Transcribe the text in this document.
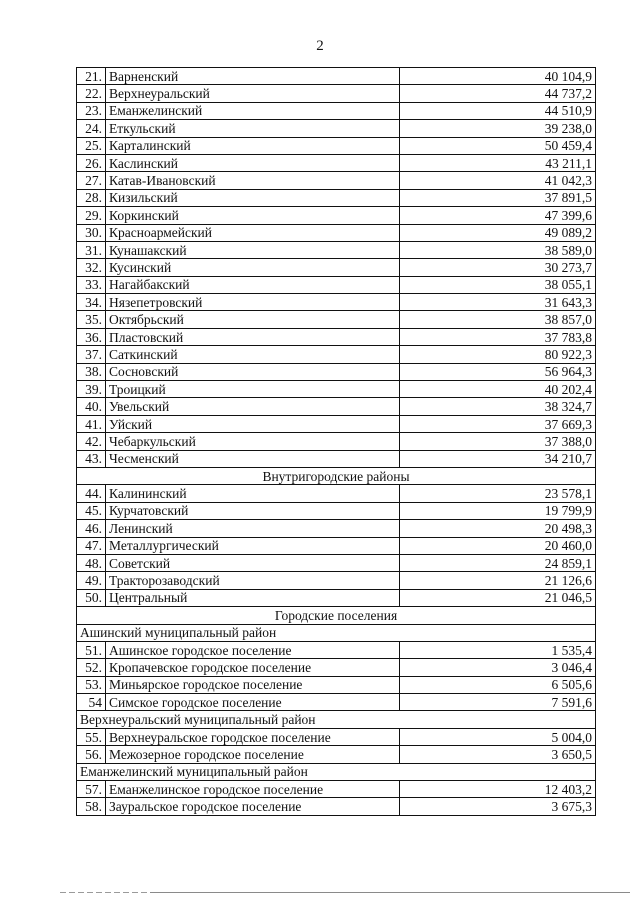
2
21.	Варненский	40 104,9
22.	Верхнеуральский	44 737,2
23.	Еманжелинский	44 510,9
24.	Еткульский	39 238,0
25.	Карталинский	50 459,4
26.	Каслинский	43 211,1
27.	Катав-Ивановский	41 042,3
28.	Кизильский	37 891,5
29.	Коркинский	47 399,6
30.	Красноармейский	49 089,2
31.	Кунашакский	38 589,0
32.	Кусинский	30 273,7
33.	Нагайбакский	38 055,1
34.	Нязепетровский	31 643,3
35.	Октябрьский	38 857,0
36.	Пластовский	37 783,8
37.	Саткинский	80 922,3
38.	Сосновский	56 964,3
39.	Троицкий	40 202,4
40.	Увельский	38 324,7
41.	Уйский	37 669,3
42.	Чебаркульский	37 388,0
43.	Чесменский	34 210,7
Внутригородские районы		
44.	Калининский	23 578,1
45.	Курчатовский	19 799,9
46.	Ленинский	20 498,3
47.	Металлургический	20 460,0
48.	Советский	24 859,1
49.	Тракторозаводский	21 126,6
50.	Центральный	21 046,5
Городские поселения		
Ашинский муниципальный район		
51.	Ашинское городское поселение	1 535,4
52.	Кропачевское городское поселение	3 046,4
53.	Миньярское городское поселение	6 505,6
54	Симское городское поселение	7 591,6
Верхнеуральский муниципальный район		
55.	Верхнеуральское городское поселение	5 004,0
56.	Межозерное городское поселение	3 650,5
Еманжелинский муниципальный район		
57.	Еманжелинское городское поселение	12 403,2
58.	Зауральское городское поселение	3 675,3
